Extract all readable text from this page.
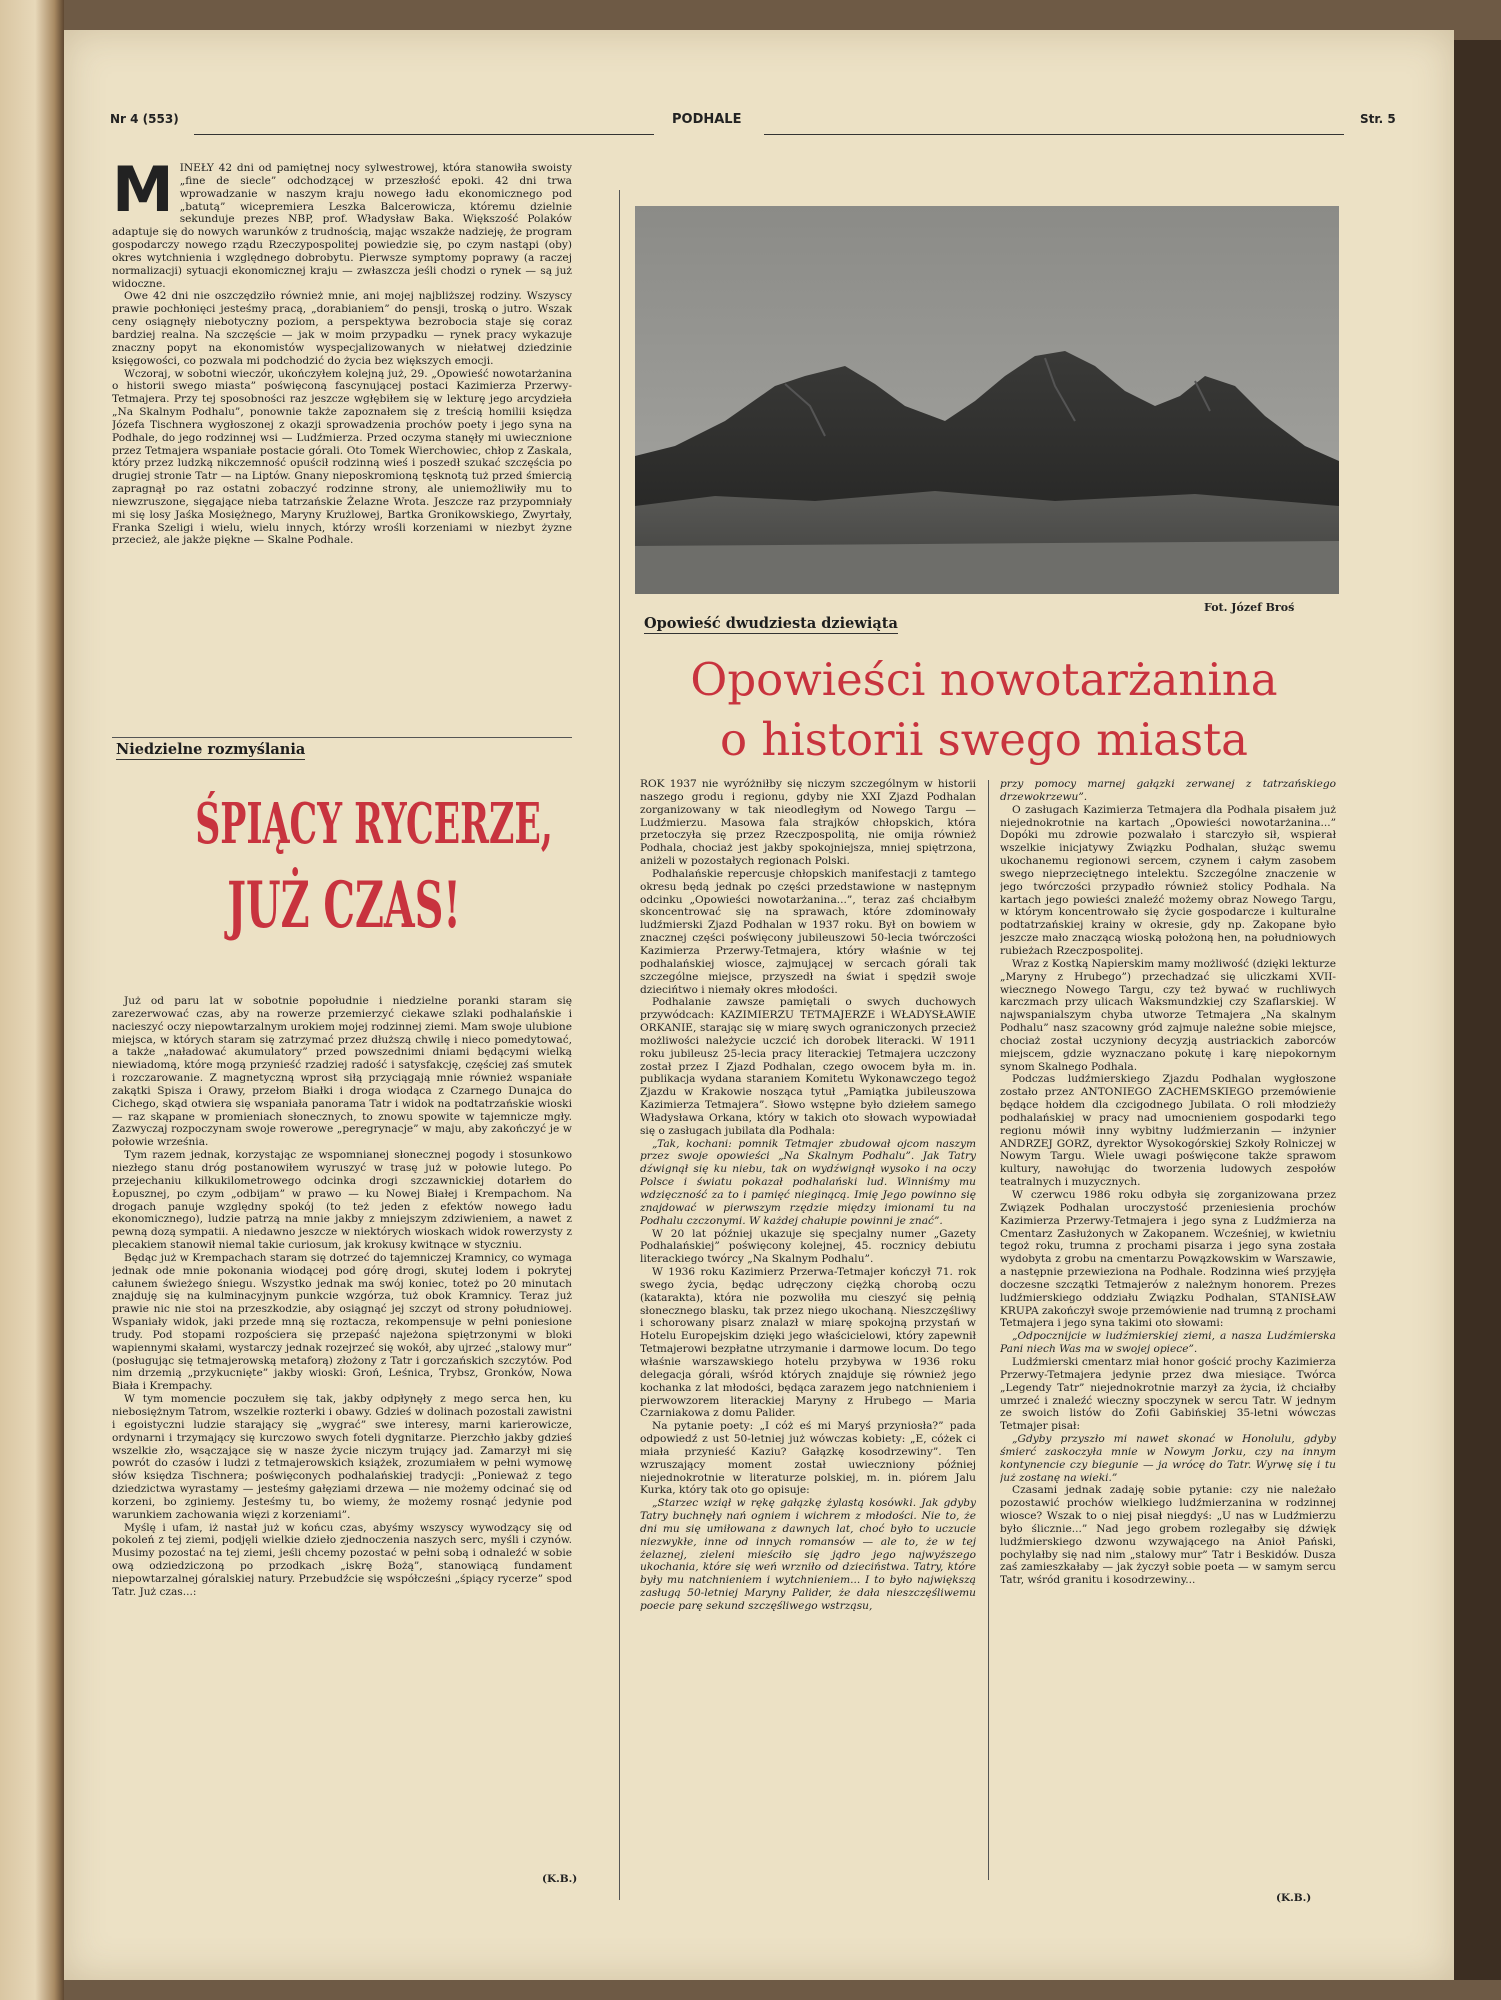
Nr 4 (553)	PODHALE	Str. 5
M INEŁY 42 dni od pamiętnej nocy sylwestrowej, która stanowiła swoisty „fine de siecle” odchodzącej w przeszłość epoki. 42 dni trwa wprowadzanie w naszym kraju nowego ładu ekonomicznego pod „batutą” wicepremiera Leszka Balcerowicza, któremu dzielnie sekunduje prezes NBP, prof. Władysław Baka. Większość Polaków adaptuje się do nowych warunków z trudnością, mając wszakże nadzieję, że program gospodarczy nowego rządu Rzeczypospolitej powiedzie się, po czym nastąpi (oby) okres wytchnienia i względnego dobrobytu. Pierwsze symptomy poprawy (a raczej normalizacji) sytuacji ekonomicznej kraju — zwłaszcza jeśli chodzi o rynek — są już widoczne.

Owe 42 dni nie oszczędziło również mnie, ani mojej najbliższej rodziny. Wszyscy prawie pochłonięci jesteśmy pracą, „dorabianiem” do pensji, troską o jutro. Wszak ceny osiągnęły niebotyczny poziom, a perspektywa bezrobocia staje się coraz bardziej realna. Na szczęście — jak w moim przypadku — rynek pracy wykazuje znaczny popyt na ekonomistów wyspecjalizowanych w niełatwej dziedzinie księgowości, co pozwala mi podchodzić do życia bez większych emocji.

Wczoraj, w sobotni wieczór, ukończyłem kolejną już, 29. „Opowieść nowotarżanina o historii swego miasta” poświęconą fascynującej postaci Kazimierza Przerwy-Tetmajera. Przy tej sposobności raz jeszcze wgłębiłem się w lekturę jego arcydzieła „Na Skalnym Podhalu”, ponownie także zapoznałem się z treścią homilii księdza Józefa Tischnera wygłoszonej z okazji sprowadzenia prochów poety i jego syna na Podhale, do jego rodzinnej wsi — Ludźmierza. Przed oczyma stanęły mi uwiecznione przez Tetmajera wspaniałe postacie górali. Oto Tomek Wierchowiec, chłop z Zaskala, który przez ludzką nikczemność opuścił rodzinną wieś i poszedł szukać szczęścia po drugiej stronie Tatr — na Liptów. Gnany nieposkromioną tęsknotą tuż przed śmiercią zapragnął po raz ostatni zobaczyć rodzinne strony, ale uniemożliwiły mu to niewzruszone, sięgające nieba tatrzańskie Żelazne Wrota. Jeszcze raz przypomniały mi się losy Jaśka Mosiężnego, Maryny Krużlowej, Bartka Gronikowskiego, Zwyrtały, Franka Szeligi i wielu, wielu innych, którzy wrośli korzeniami w niezbyt żyzne przecież, ale jakże piękne — Skalne Podhale.

Niedzielne rozmyślania
ŚPIĄCY RYCERZE,
JUŻ CZAS!

Już od paru lat w sobotnie popołudnie i niedzielne poranki staram się zarezerwować czas, aby na rowerze przemierzyć ciekawe szlaki podhalańskie i nacieszyć oczy niepowtarzalnym urokiem mojej rodzinnej ziemi. Mam swoje ulubione miejsca, w których staram się zatrzymać przez dłuższą chwilę i nieco pomedytować, a także „naładować akumulatory” przed powszednimi dniami będącymi wielką niewiadomą, które mogą przynieść rzadziej radość i satysfakcję, częściej zaś smutek i rozczarowanie. Z magnetyczną wprost siłą przyciągają mnie również wspaniałe zakątki Spisza i Orawy, przełom Białki i droga wiodąca z Czarnego Dunajca do Cichego, skąd otwiera się wspaniała panorama Tatr i widok na podtatrzańskie wioski — raz skąpane w promieniach słonecznych, to znowu spowite w tajemnicze mgły. Zazwyczaj rozpoczynam swoje rowerowe „peregrynacje” w maju, aby zakończyć je w połowie września.

Tym razem jednak, korzystając ze wspomnianej słonecznej pogody i stosunkowo niezłego stanu dróg postanowiłem wyruszyć w trasę już w połowie lutego. Po przejechaniu kilkukilometrowego odcinka drogi szczawnickiej dotarłem do Łopusznej, po czym „odbijam” w prawo — ku Nowej Białej i Krempachom. Na drogach panuje względny spokój (to też jeden z efektów nowego ładu ekonomicznego), ludzie patrzą na mnie jakby z mniejszym zdziwieniem, a nawet z pewną dozą sympatii. A niedawno jeszcze w niektórych wioskach widok rowerzysty z plecakiem stanowił niemal takie curiosum, jak krokusy kwitnące w styczniu.

Będąc już w Krempachach staram się dotrzeć do tajemniczej Kramnicy, co wymaga jednak ode mnie pokonania wiodącej pod górę drogi, skutej lodem i pokrytej całunem świeżego śniegu. Wszystko jednak ma swój koniec, toteż po 20 minutach znajduję się na kulminacyjnym punkcie wzgórza, tuż obok Kramnicy. Teraz już prawie nic nie stoi na przeszkodzie, aby osiągnąć jej szczyt od strony południowej. Wspaniały widok, jaki przede mną się roztacza, rekompensuje w pełni poniesione trudy. Pod stopami rozpościera się przepaść najeżona spiętrzonymi w bloki wapiennymi skałami, wystarczy jednak rozejrzeć się wokół, aby ujrzeć „stalowy mur” (posługując się tetmajerowską metaforą) złożony z Tatr i gorczańskich szczytów. Pod nim drzemią „przykucnięte” jakby wioski: Groń, Leśnica, Trybsz, Gronków, Nowa Biała i Krempachy.

W tym momencie poczułem się tak, jakby odpłynęły z mego serca hen, ku niebosiężnym Tatrom, wszelkie rozterki i obawy. Gdzieś w dolinach pozostali zawistni i egoistyczni ludzie starający się „wygrać” swe interesy, marni karierowicze, ordynarni i trzymający się kurczowo swych foteli dygnitarze. Pierzchło jakby gdzieś wszelkie zło, wsączające się w nasze życie niczym trujący jad. Zamarzył mi się powrót do czasów i ludzi z tetmajerowskich książek, zrozumiałem w pełni wymowę słów księdza Tischnera; poświęconych podhalańskiej tradycji: „Ponieważ z tego dziedzictwa wyrastamy — jesteśmy gałęziami drzewa — nie możemy odcinać się od korzeni, bo zginiemy. Jesteśmy tu, bo wiemy, że możemy rosnąć jedynie pod warunkiem zachowania więzi z korzeniami”.

Myślę i ufam, iż nastał już w końcu czas, abyśmy wszyscy wywodzący się od pokoleń z tej ziemi, podjęli wielkie dzieło zjednoczenia naszych serc, myśli i czynów. Musimy pozostać na tej ziemi, jeśli chcemy pozostać w pełni sobą i odnaleźć w sobie ową odziedziczoną po przodkach „iskrę Bożą”, stanowiącą fundament niepowtarzalnej góralskiej natury. Przebudźcie się współcześni „śpiący rycerze” spod Tatr. Już czas...:

(K.B.)
Fot. Józef Broś
Opowieść dwudziesta dziewiąta
Opowieści nowotarżanina
o historii swego miasta

ROK 1937 nie wyróżniłby się niczym szczególnym w historii naszego grodu i regionu, gdyby nie XXI Zjazd Podhalan zorganizowany w tak nieodległym od Nowego Targu — Ludźmierzu. Masowa fala strajków chłopskich, która przetoczyła się przez Rzeczpospolitą, nie omija również Podhala, chociaż jest jakby spokojniejsza, mniej spiętrzona, aniżeli w pozostałych regionach Polski.

Podhalańskie repercusje chłopskich manifestacji z tamtego okresu będą jednak po części przedstawione w następnym odcinku „Opowieści nowotarżanina...”, teraz zaś chciałbym skoncentrować się na sprawach, które zdominowały ludźmierski Zjazd Podhalan w 1937 roku. Był on bowiem w znacznej części poświęcony jubileuszowi 50-lecia twórczości Kazimierza Przerwy-Tetmajera, który właśnie w tej podhalańskiej wiosce, zajmującej w sercach górali tak szczególne miejsce, przyszedł na świat i spędził swoje dziecińtwo i niemały okres młodości.

Podhalanie zawsze pamiętali o swych duchowych przywódcach: KAZIMIERZU TETMAJERZE i WŁADYSŁAWIE ORKANIE, starając się w miarę swych ograniczonych przecież możliwości należycie uczcić ich dorobek literacki. W 1911 roku jubileusz 25-lecia pracy literackiej Tetmajera uczczony został przez I Zjazd Podhalan, czego owocem była m. in. publikacja wydana staraniem Komitetu Wykonawczego tegoż Zjazdu w Krakowie nosząca tytuł „Pamiątka jubileuszowa Kazimierza Tetmajera”. Słowo wstępne było dziełem samego Władysława Orkana, który w takich oto słowach wypowiadał się o zasługach jubilata dla Podhala:

„Tak, kochani: pomnik Tetmajer zbudował ojcom naszym przez swoje opowieści „Na Skalnym Podhalu”. Jak Tatry dźwignął się ku niebu, tak on wydźwignął wysoko i na oczy Polsce i światu pokazał podhalański lud. Winniśmy mu wdzięczność za to i pamięć nieginącą. Imię Jego powinno się znajdować w pierwszym rzędzie między imionami tu na Podhalu czczonymi. W każdej chałupie powinni je znać”.

W 20 lat później ukazuje się specjalny numer „Gazety Podhalańskiej” poświęcony kolejnej, 45. rocznicy debiutu literackiego twórcy „Na Skalnym Podhalu”.

W 1936 roku Kazimierz Przerwa-Tetmajer kończył 71. rok swego życia, będąc udręczony ciężką chorobą oczu (katarakta), która nie pozwoliła mu cieszyć się pełnią słonecznego blasku, tak przez niego ukochaną. Nieszczęśliwy i schorowany pisarz znalazł w miarę spokojną przystań w Hotelu Europejskim dzięki jego właścicielowi, który zapewnił Tetmajerowi bezpłatne utrzymanie i darmowe locum. Do tego właśnie warszawskiego hotelu przybywa w 1936 roku delegacja górali, wśród których znajduje się również jego kochanka z lat młodości, będąca zarazem jego natchnieniem i pierwowzorem literackiej Maryny z Hrubego — Maria Czarniakowa z domu Palider.

Na pytanie poety: „I cóż eś mi Maryś przyniosła?” pada odpowiedź z ust 50-letniej już wówczas kobiety: „E, cóżek ci miała przynieść Kaziu? Gałązkę kosodrzewiny”. Ten wzruszający moment został uwieczniony później niejednokrotnie w literaturze polskiej, m. in. piórem Jalu Kurka, który tak oto go opisuje:

„Starzec wziął w rękę gałązkę żylastą kosówki. Jak gdyby Tatry buchnęły nań ogniem i wichrem z młodości. Nie to, że dni mu się umiłowana z dawnych lat, choć było to uczucie niezwykłe, inne od innych romansów — ale to, że w tej żelaznej, zieleni mieściło się jądro jego najwyższego ukochania, które się weń wrzniło od dzieciństwa. Tatry, które były mu natchnieniem i wytchnieniem... I to było największą zasługą 50-letniej Maryny Palider, że dała nieszczęśliwemu poecie parę sekund szczęśliwego wstrząsu,

przy pomocy marnej gałązki zerwanej z tatrzańskiego drzewokrzewu”.

O zasługach Kazimierza Tetmajera dla Podhala pisałem już niejednokrotnie na kartach „Opowieści nowotarżanina...” Dopóki mu zdrowie pozwalało i starczyło sił, wspierał wszelkie inicjatywy Związku Podhalan, służąc swemu ukochanemu regionowi sercem, czynem i całym zasobem swego nieprzeciętnego intelektu. Szczególne znaczenie w jego twórczości przypadło również stolicy Podhala. Na kartach jego powieści znaleźć możemy obraz Nowego Targu, w którym koncentrowało się życie gospodarcze i kulturalne podtatrzańskiej krainy w okresie, gdy np. Zakopane było jeszcze mało znaczącą wioską położoną hen, na południowych rubieżach Rzeczpospolitej.

Wraz z Kostką Napierskim mamy możliwość (dzięki lekturze „Maryny z Hrubego”) przechadzać się uliczkami XVII-wiecznego Nowego Targu, czy też bywać w ruchliwych karczmach przy ulicach Waksmundzkiej czy Szaflarskiej. W najwspanialszym chyba utworze Tetmajera „Na skalnym Podhalu” nasz szacowny gród zajmuje należne sobie miejsce, chociaż został uczyniony decyzją austriackich zaborców miejscem, gdzie wyznaczano pokutę i karę niepokornym synom Skalnego Podhala.

Podczas ludźmierskiego Zjazdu Podhalan wygłoszone zostało przez ANTONIEGO ZACHEMSKIEGO przemówienie będące hołdem dla czcigodnego Jubilata. O roli młodzieży podhalańskiej w pracy nad umocnieniem gospodarki tego regionu mówił inny wybitny ludźmierzanin — inżynier ANDRZEJ GORZ, dyrektor Wysokogórskiej Szkoły Rolniczej w Nowym Targu. Wiele uwagi poświęcone także sprawom kultury, nawołując do tworzenia ludowych zespołów teatralnych i muzycznych.

W czerwcu 1986 roku odbyła się zorganizowana przez Związek Podhalan uroczystość przeniesienia prochów Kazimierza Przerwy-Tetmajera i jego syna z Ludźmierza na Cmentarz Zasłużonych w Zakopanem. Wcześniej, w kwietniu tegoż roku, trumna z prochami pisarza i jego syna została wydobyta z grobu na cmentarzu Powązkowskim w Warszawie, a następnie przewieziona na Podhale. Rodzinna wieś przyjęła doczesne szczątki Tetmajerów z należnym honorem. Prezes ludźmierskiego oddziału Związku Podhalan, STANISŁAW KRUPA zakończył swoje przemówienie nad trumną z prochami Tetmajera i jego syna takimi oto słowami:

„Odpocznijcie w ludźmierskiej ziemi, a nasza Ludźmierska Pani niech Was ma w swojej opiece”.

Ludźmierski cmentarz miał honor gościć prochy Kazimierza Przerwy-Tetmajera jedynie przez dwa miesiące. Twórca „Legendy Tatr” niejednokrotnie marzył za życia, iż chciałby umrzeć i znaleźć wieczny spoczynek w sercu Tatr. W jednym ze swoich listów do Zofii Gabińskiej 35-letni wówczas Tetmajer pisał:

„Gdyby przyszło mi nawet skonać w Honolulu, gdyby śmierć zaskoczyła mnie w Nowym Jorku, czy na innym kontynencie czy biegunie — ja wrócę do Tatr. Wyrwę się i tu już zostanę na wieki.”

Czasami jednak zadaję sobie pytanie: czy nie należało pozostawić prochów wielkiego ludźmierzanina w rodzinnej wiosce? Wszak to o niej pisał niegdyś: „U nas w Ludźmierzu było ślicznie...” Nad jego grobem rozlegałby się dźwięk ludźmierskiego dzwonu wzywającego na Anioł Pański, pochylałby się nad nim „stalowy mur” Tatr i Beskidów. Dusza zaś zamieszkałaby — jak życzył sobie poeta — w samym sercu Tatr, wśród granitu i kosodrzewiny...

(K.B.)
